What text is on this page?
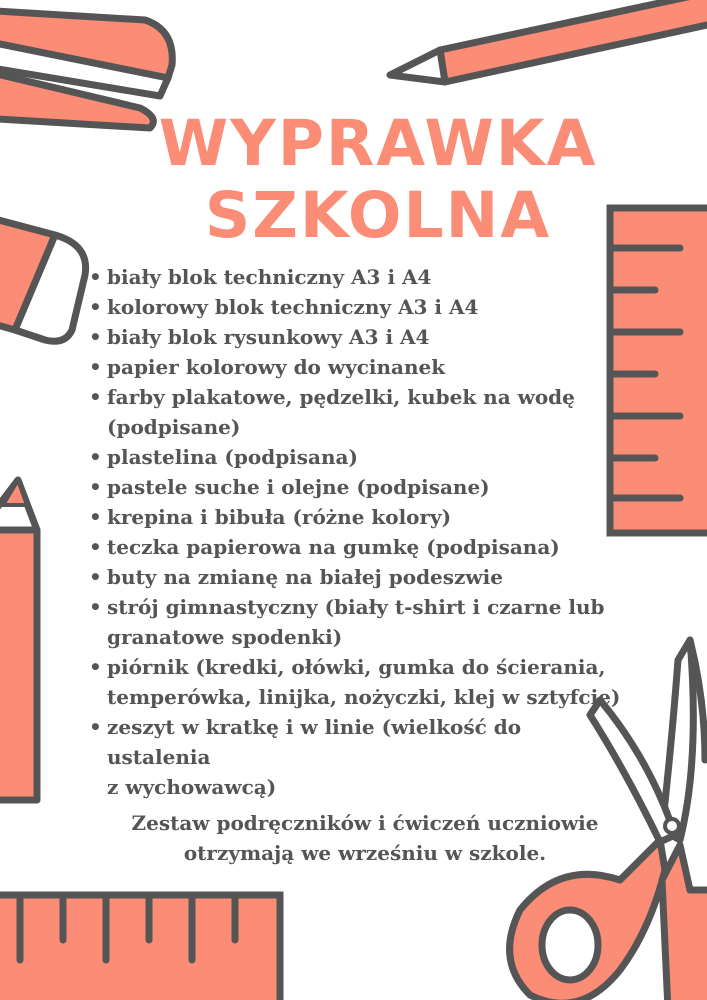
WYPRAWKA
SZKOLNA
• biały blok techniczny A3 i A4
• kolorowy blok techniczny A3 i A4
• biały blok rysunkowy A3 i A4
• papier kolorowy do wycinanek
• farby plakatowe, pędzelki, kubek na wodę
(podpisane)
• plastelina (podpisana)
• pastele suche i olejne (podpisane)
• krepina i bibuła (różne kolory)
• teczka papierowa na gumkę (podpisana)
• buty na zmianę na białej podeszwie
• strój gimnastyczny (biały t-shirt i czarne lub
granatowe spodenki)
• piórnik (kredki, ołówki, gumka do ścierania,
temperówka, linijka, nożyczki, klej w sztyfcie)
• zeszyt w kratkę i w linie (wielkość do ustalenia
z wychowawcą)

Zestaw podręczników i ćwiczeń uczniowie
otrzymają we wrześniu w szkole.

· · · · · · · · · · · · · · · · · · · · · · · · · · · · · · · ·
